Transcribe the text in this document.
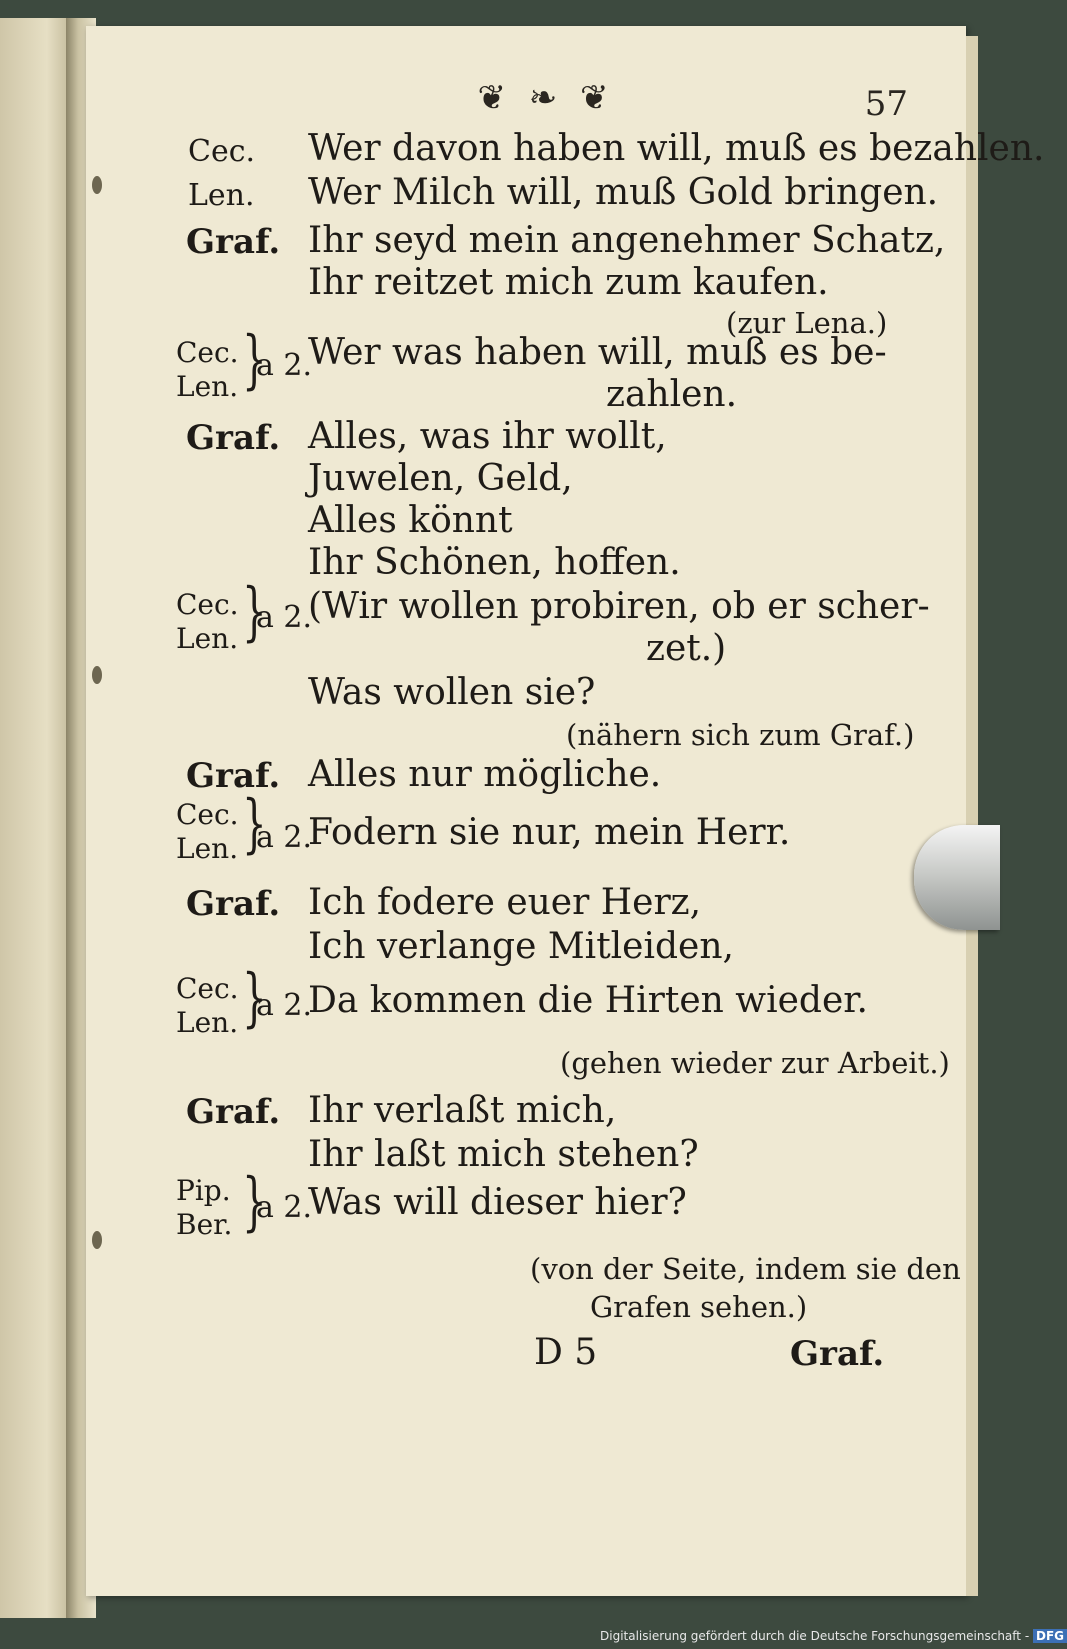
❦ ❧ ❦	57
Cec. Wer davon haben will, muß es bezahlen.
Len. Wer Milch will, muß Gold bringen.
Graf. Ihr seyd mein angenehmer Schatz,
Ihr reitzet mich zum kaufen.
(zur Lena.)
Cec.
Len. }
a 2.
Wer was haben will, muß es be-
zahlen.
Graf. Alles, was ihr wollt,
Juwelen, Geld,
Alles könnt
Ihr Schönen, hoffen.
Cec.
Len. }
a 2.
(Wir wollen probiren, ob er scher-
zet.)
Was wollen sie?
(nähern sich zum Graf.)
Graf. Alles nur mögliche.
Cec.
Len. }
a 2.
Fodern sie nur, mein Herr.
Graf. Ich fodere euer Herz,
Ich verlange Mitleiden,
Cec.
Len. }
a 2.
Da kommen die Hirten wieder.
(gehen wieder zur Arbeit.)
Graf. Ihr verlaßt mich,
Ihr laßt mich stehen?
Pip.
Ber. }
a 2.
Was will dieser hier?
(von der Seite, indem sie den
Grafen sehen.)
D 5	Graf.
Digitalisierung gefördert durch die Deutsche Forschungsgemeinschaft - DFG
